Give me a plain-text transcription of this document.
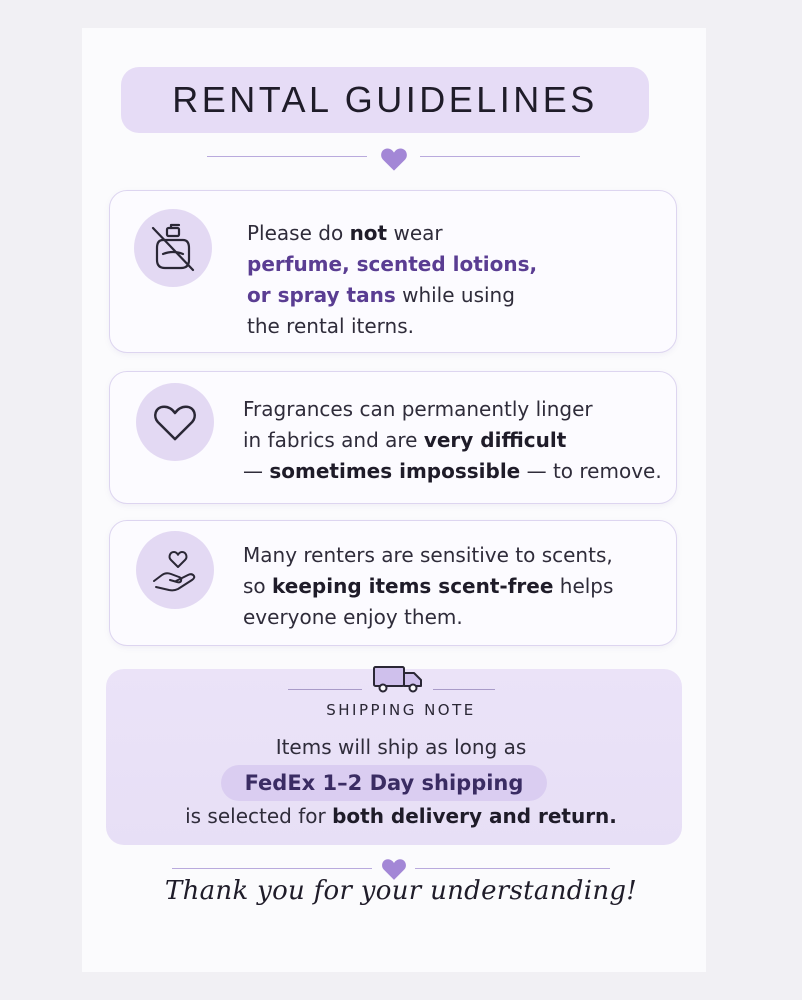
RENTAL GUIDELINES
Please do not wear
perfume, scented lotions,
or spray tans while using
the rental iterns.
Fragrances can permanently linger
in fabrics and are very difficult
— sometimes impossible — to remove.
Many renters are sensitive to scents,
so keeping items scent-free helps
everyone enjoy them.
SHIPPING NOTE
Items will ship as long as
FedEx 1–2 Day shipping
is selected for both delivery and return.
Thank you for your understanding!
